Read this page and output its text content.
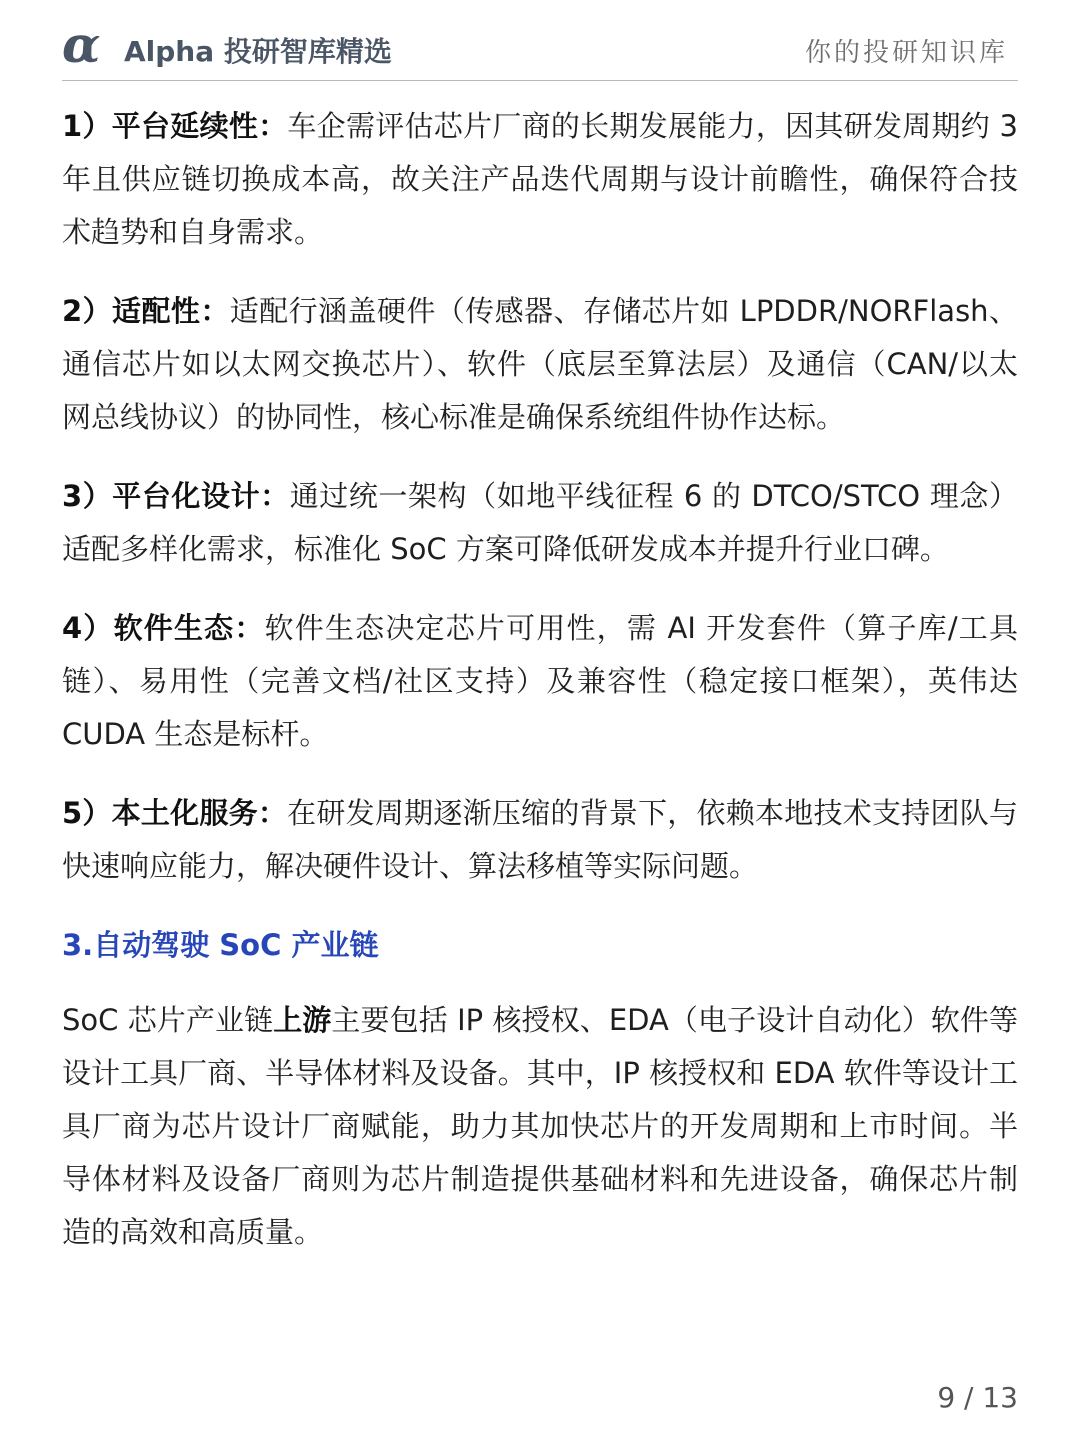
α Alpha 投研智库精选	你的投研知识库

1）平台延续性：车企需评估芯片厂商的长期发展能力，因其研发周期约 3 年且供应链切换成本高，故关注产品迭代周期与设计前瞻性，确保符合技术趋势和自身需求。

2）适配性：适配行涵盖硬件（传感器、存储芯片如 LPDDR/NORFlash、通信芯片如以太网交换芯片）、软件（底层至算法层）及通信（CAN/以太网总线协议）的协同性，核心标准是确保系统组件协作达标。

3）平台化设计：通过统一架构（如地平线征程 6 的 DTCO/STCO 理念）适配多样化需求，标准化 SoC 方案可降低研发成本并提升行业口碑。

4）软件生态：软件生态决定芯片可用性，需 AI 开发套件（算子库/工具链）、易用性（完善文档/社区支持）及兼容性（稳定接口框架），英伟达 CUDA 生态是标杆。

5）本土化服务：在研发周期逐渐压缩的背景下，依赖本地技术支持团队与快速响应能力，解决硬件设计、算法移植等实际问题。

3.自动驾驶 SoC 产业链

SoC 芯片产业链上游主要包括 IP 核授权、EDA（电子设计自动化）软件等设计工具厂商、半导体材料及设备。其中，IP 核授权和 EDA 软件等设计工具厂商为芯片设计厂商赋能，助力其加快芯片的开发周期和上市时间。半导体材料及设备厂商则为芯片制造提供基础材料和先进设备，确保芯片制造的高效和高质量。

9 / 13
